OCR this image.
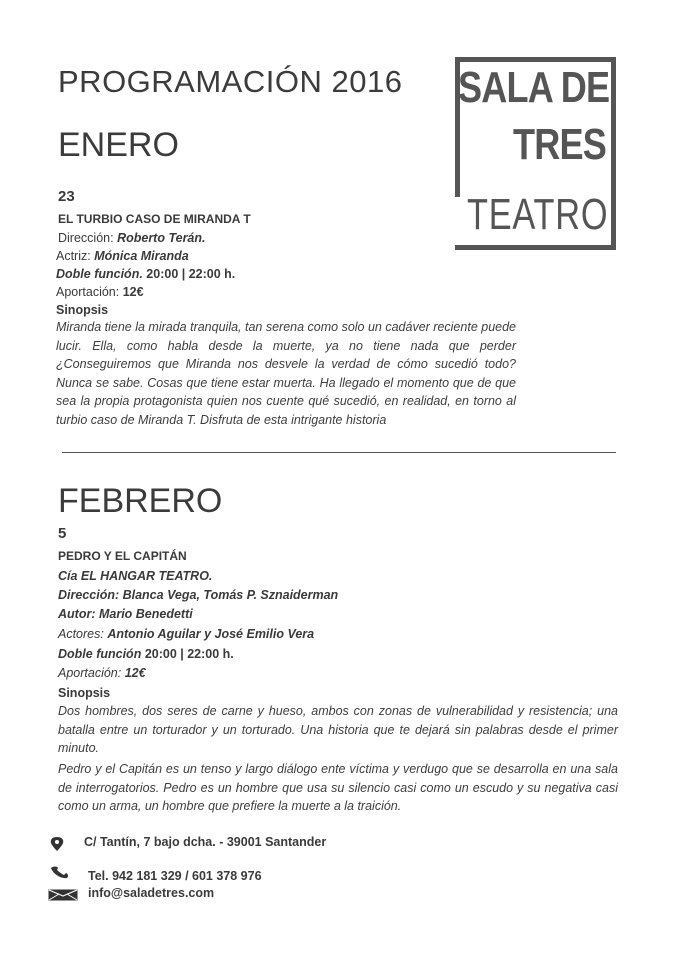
PROGRAMACIÓN 2016 SALA DE
TRES
TEATRO
ENERO
23
EL TURBIO CASO DE MIRANDA T
Dirección: Roberto Terán.
Actriz: Mónica Miranda
Doble función. 20:00 | 22:00 h.
Aportación: 12€
Sinopsis
Miranda tiene la mirada tranquila, tan serena como solo un cadáver reciente puede lucir. Ella, como habla desde la muerte, ya no tiene nada que perder ¿Conseguiremos que Miranda nos desvele la verdad de cómo sucedió todo? Nunca se sabe. Cosas que tiene estar muerta. Ha llegado el momento que de que sea la propia protagonista quien nos cuente qué sucedió, en realidad, en torno al turbio caso de Miranda T. Disfruta de esta intrigante historia
FEBRERO
5
PEDRO Y EL CAPITÁN
Cía EL HANGAR TEATRO.
Dirección: Blanca Vega, Tomás P. Sznaiderman
Autor: Mario Benedetti
Actores: Antonio Aguilar y José Emilio Vera
Doble función 20:00 | 22:00 h.
Aportación: 12€
Sinopsis
Dos hombres, dos seres de carne y hueso, ambos con zonas de vulnerabilidad y resistencia; una batalla entre un torturador y un torturado. Una historia que te dejará sin palabras desde el primer minuto.
Pedro y el Capitán es un tenso y largo diálogo ente víctima y verdugo que se desarrolla en una sala de interrogatorios. Pedro es un hombre que usa su silencio casi como un escudo y su negativa casi como un arma, un hombre que prefiere la muerte a la traición.
C/ Tantín, 7 bajo dcha. - 39001 Santander
Tel. 942 181 329 / 601 378 976
info@saladetres.com
